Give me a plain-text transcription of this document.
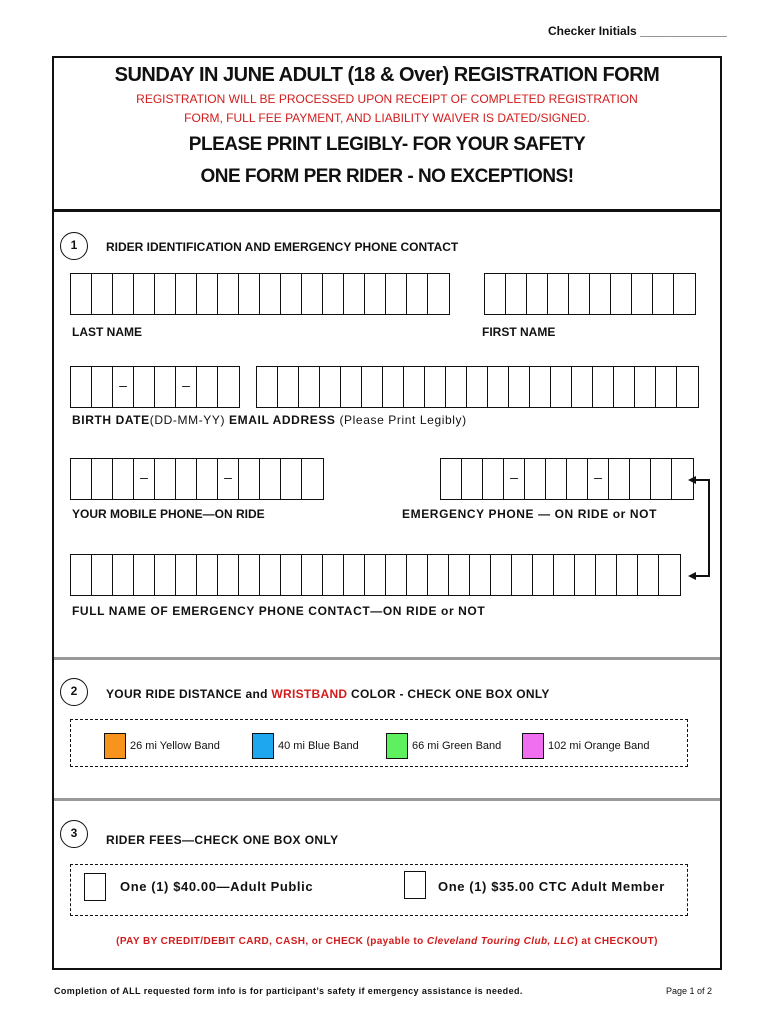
Checker Initials _____________
SUNDAY IN JUNE ADULT (18 & Over) REGISTRATION FORM
REGISTRATION WILL BE PROCESSED UPON RECEIPT OF COMPLETED REGISTRATION
FORM, FULL FEE PAYMENT, AND LIABILITY WAIVER IS DATED/SIGNED.
PLEASE PRINT LEGIBLY- FOR YOUR SAFETY
ONE FORM PER RIDER - NO EXCEPTIONS!
1	RIDER IDENTIFICATION AND EMERGENCY PHONE CONTACT
LAST NAME	FIRST NAME
–	–
BIRTH DATE(DD-MM-YY) EMAIL ADDRESS (Please Print Legibly)
–	–	–	–
YOUR MOBILE PHONE—ON RIDE	EMERGENCY PHONE — ON RIDE or NOT
FULL NAME OF EMERGENCY PHONE CONTACT—ON RIDE or NOT
2	YOUR RIDE DISTANCE and WRISTBAND COLOR - CHECK ONE BOX ONLY
26 mi Yellow Band	40 mi Blue Band	66 mi Green Band	102 mi Orange Band
3	RIDER FEES—CHECK ONE BOX ONLY
One (1) $40.00—Adult Public	One (1) $35.00 CTC Adult Member
(PAY BY CREDIT/DEBIT CARD, CASH, or CHECK (payable to Cleveland Touring Club, LLC) at CHECKOUT)
Completion of ALL requested form info is for participant’s safety if emergency assistance is needed.	Page 1 of 2
